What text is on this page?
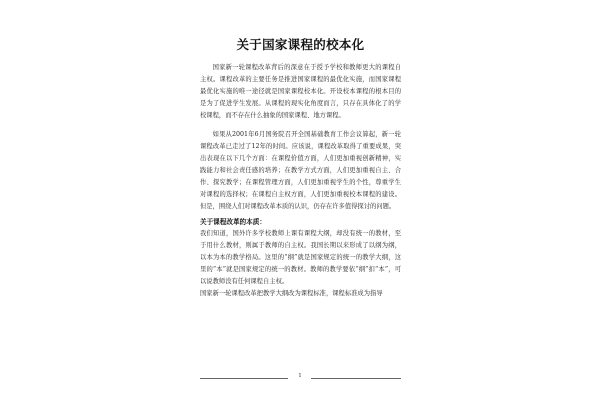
关于国家课程的校本化

国家新一轮课程改革背后的深意在于授予学校和教师更大的课程自主权。课程改革的主要任务是推进国家课程的最优化实施，而国家课程最优化实施的唯一途径就是国家课程校本化。开设校本课程的根本目的是为了促进学生发展。从课程的现实化角度而言，只存在具体化了的学校课程，而不存在什么抽象的国家课程、地方课程。

如果从2001年6月国务院召开全国基础教育工作会议算起，新一轮课程改革已走过了12年的时间。应该说，课程改革取得了重要成果，突出表现在以下几个方面：在课程价值方面，人们更加重视创新精神，实践能力和社会责任感的培养；在教学方式方面，人们更加重视自主、合作、探究教学；在课程管理方面，人们更加重视学生的个性，尊重学生对课程的选择权；在课程自主权方面，人们更加重视校本课程的建设。但是，围绕人们对课程改革本质的认识，仍存在许多值得探讨的问题。

关于课程改革的本质：

我们知道，国外许多学校教师上课有课程大纲，却没有统一的教材，至于用什么教材，则属于教师的自主权。我国长期以来形成了以纲为纲，以本为本的教学格局。这里的“纲”就是国家规定的统一的教学大纲，这里的“本”就是国家规定的统一的教材。教师的教学要依“纲”扣“本”，可以说教师没有任何课程自主权。

国家新一轮课程改革把教学大纲改为课程标准，课程标准成为指导

1
